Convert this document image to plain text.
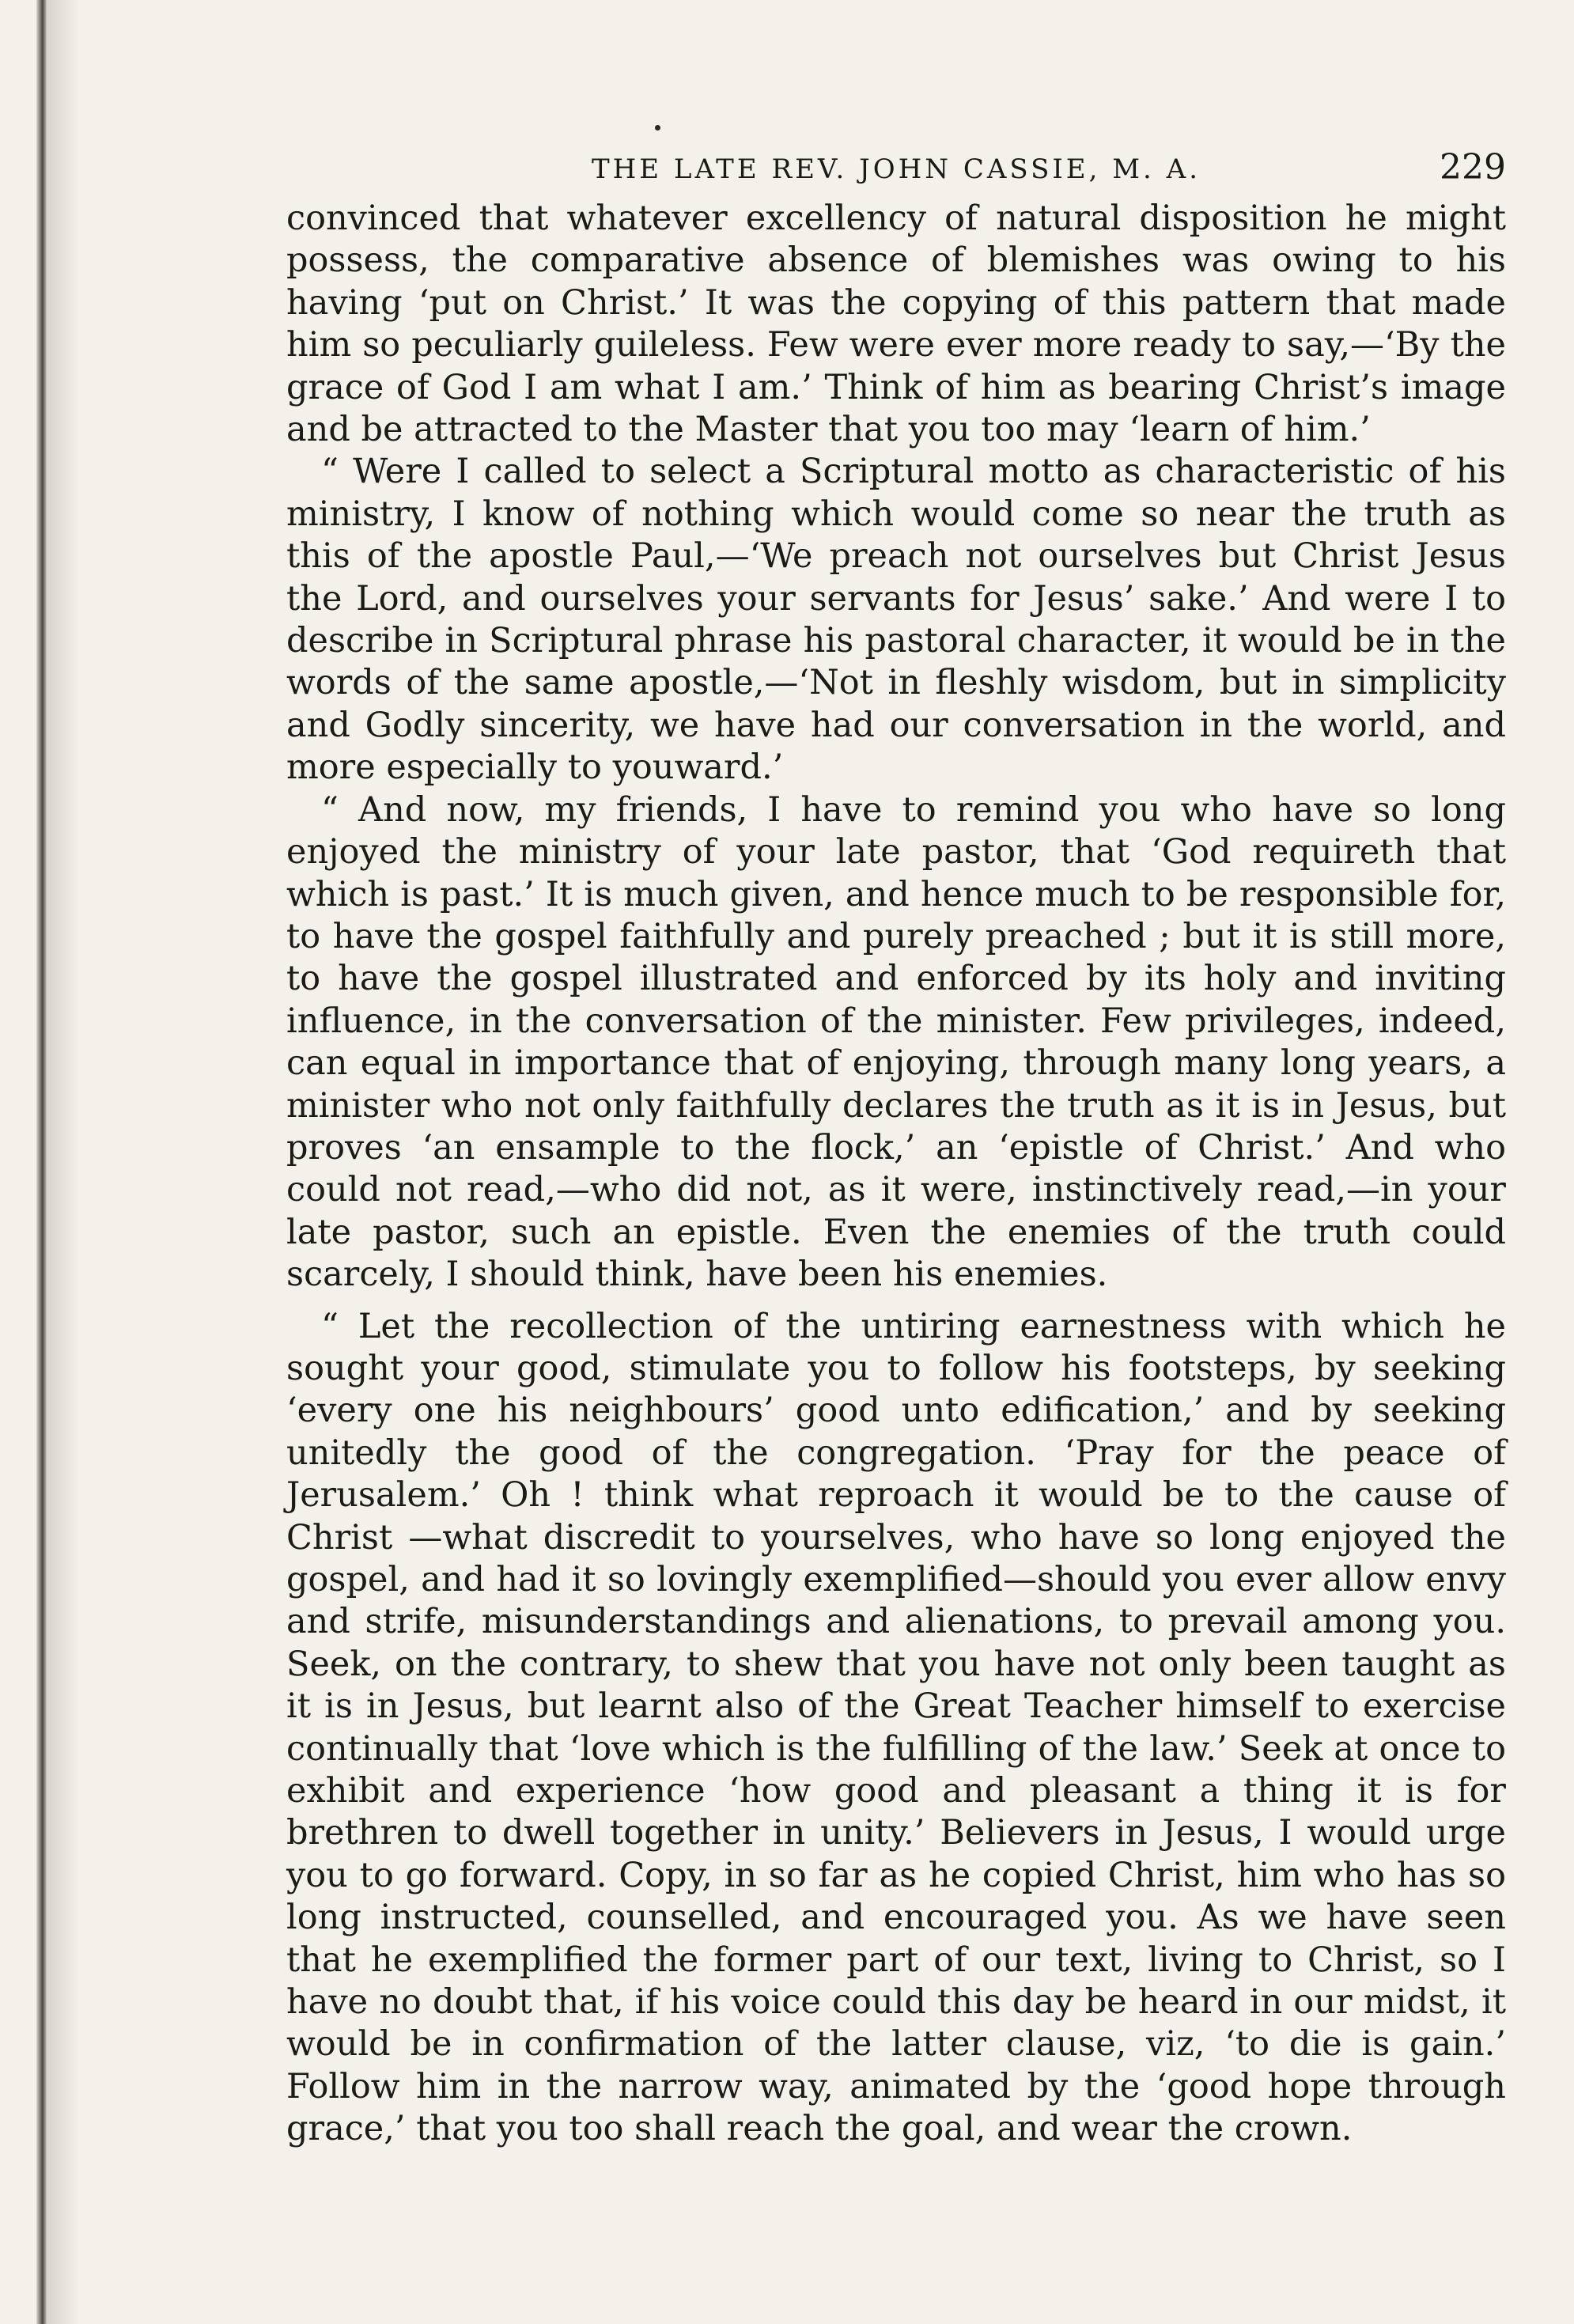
THE LATE REV. JOHN CASSIE, M. A.	229

convinced that whatever excellency of natural disposition he might possess, the comparative absence of blemishes was owing to his having ‘put on Christ.’ It was the copying of this pattern that made him so peculiarly guileless. Few were ever more ready to say,—‘By the grace of God I am what I am.’ Think of him as bearing Christ’s image and be attracted to the Master that you too may ‘learn of him.’

“ Were I called to select a Scriptural motto as characteristic of his ministry, I know of nothing which would come so near the truth as this of the apostle Paul,—‘We preach not ourselves but Christ Jesus the Lord, and ourselves your servants for Jesus’ sake.’ And were I to describe in Scriptural phrase his pastoral character, it would be in the words of the same apostle,—‘Not in fleshly wisdom, but in simplicity and Godly sincerity, we have had our conversation in the world, and more especially to youward.’

“ And now, my friends, I have to remind you who have so long enjoyed the ministry of your late pastor, that ‘God requireth that which is past.’ It is much given, and hence much to be responsible for, to have the gospel faithfully and purely preached ; but it is still more, to have the gospel illustrated and enforced by its holy and inviting influence, in the conversation of the minister. Few privileges, indeed, can equal in importance that of enjoying, through many long years, a minister who not only faithfully declares the truth as it is in Jesus, but proves ‘an ensample to the flock,’ an ‘epistle of Christ.’ And who could not read,—who did not, as it were, instinctively read,—in your late pastor, such an epistle. Even the enemies of the truth could scarcely, I should think, have been his enemies.

“ Let the recollection of the untiring earnestness with which he sought your good, stimulate you to follow his footsteps, by seeking ‘every one his neighbours’ good unto edification,’ and by seeking unitedly the good of the congregation. ‘Pray for the peace of Jerusalem.’ Oh ! think what reproach it would be to the cause of Christ —what discredit to yourselves, who have so long enjoyed the gospel, and had it so lovingly exemplified—should you ever allow envy and strife, misunderstandings and alienations, to prevail among you. Seek, on the contrary, to shew that you have not only been taught as it is in Jesus, but learnt also of the Great Teacher himself to exercise continually that ‘love which is the fulfilling of the law.’ Seek at once to exhibit and experience ‘how good and pleasant a thing it is for brethren to dwell together in unity.’ Believers in Jesus, I would urge you to go forward. Copy, in so far as he copied Christ, him who has so long instructed, counselled, and encouraged you. As we have seen that he exemplified the former part of our text, living to Christ, so I have no doubt that, if his voice could this day be heard in our midst, it would be in confirmation of the latter clause, viz, ‘to die is gain.’ Follow him in the narrow way, animated by the ‘good hope through grace,’ that you too shall reach the goal, and wear the crown.
